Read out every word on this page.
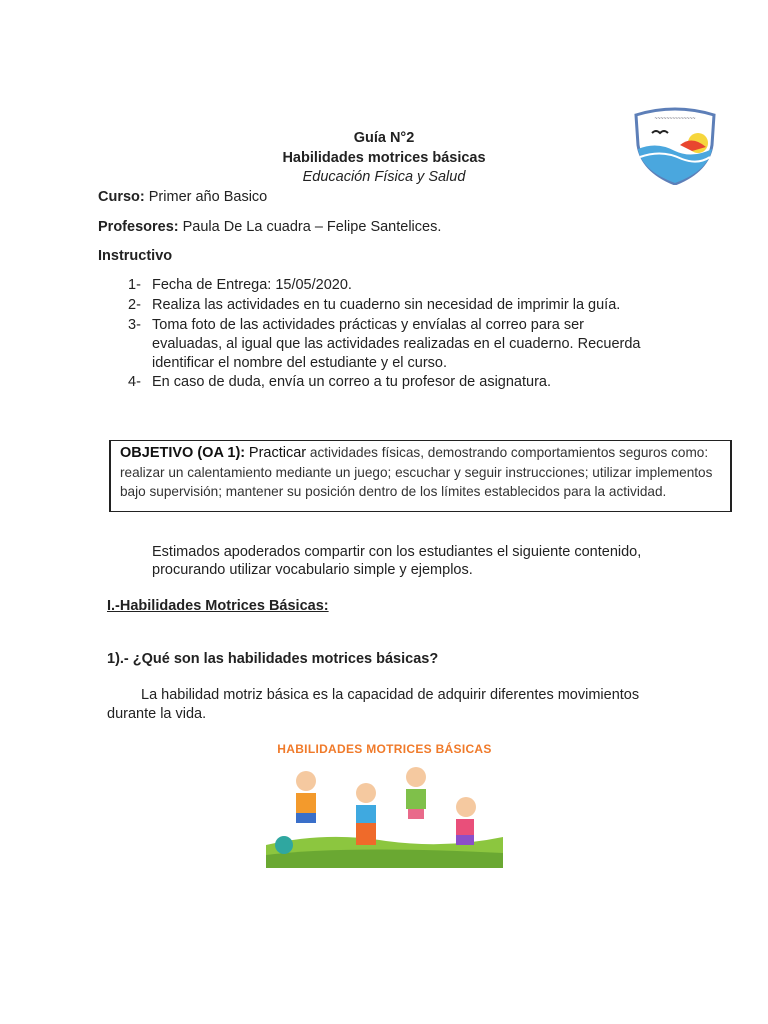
~~~~~~~~~~~~~~
Guía N°2
Habilidades motrices básicas
Educación Física y Salud
Curso: Primer año Basico
Profesores: Paula De La cuadra – Felipe Santelices.
Instructivo
1- Fecha de Entrega: 15/05/2020.
2- Realiza las actividades en tu cuaderno sin necesidad de imprimir la guía.
3- Toma foto de las actividades prácticas y envíalas al correo para ser
evaluadas, al igual que las actividades realizadas en el cuaderno. Recuerda
identificar el nombre del estudiante y el curso.
4- En caso de duda, envía un correo a tu profesor de asignatura.
OBJETIVO (OA 1): Practicar actividades físicas, demostrando comportamientos seguros como:
realizar un calentamiento mediante un juego; escuchar y seguir instrucciones; utilizar implementos
bajo supervisión; mantener su posición dentro de los límites establecidos para la actividad.
Estimados apoderados compartir con los estudiantes el siguiente contenido,
procurando utilizar vocabulario simple y ejemplos.
I.-Habilidades Motrices Básicas:
1).- ¿Qué son las habilidades motrices básicas?
La habilidad motriz básica es la capacidad de adquirir diferentes movimientos
durante la vida.
HABILIDADES MOTRICES BÁSICAS
